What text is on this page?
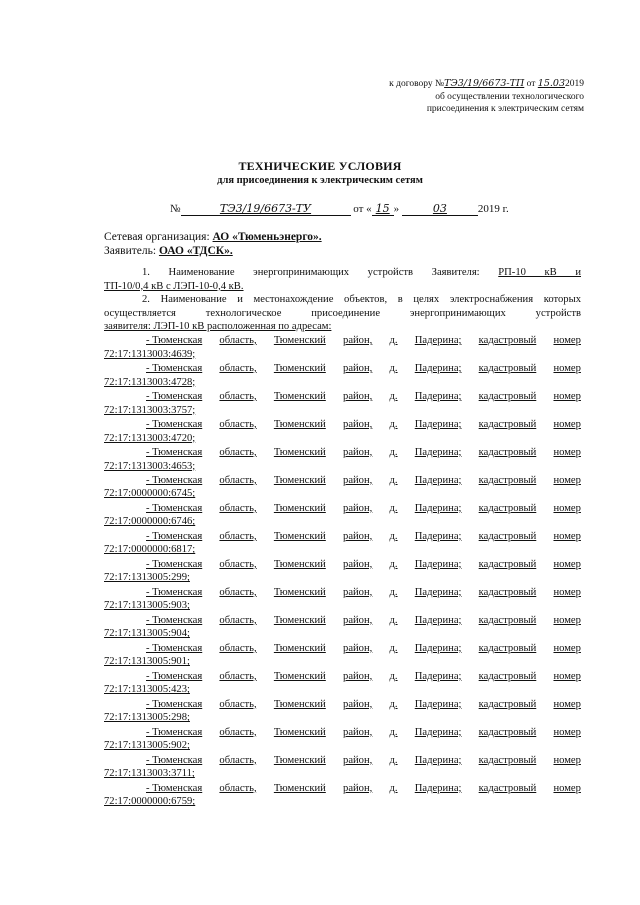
к договору №ТЭ3/19/6673-ТП от 15.032019
об осуществлении технологического
присоединения к электрическим сетям
ТЕХНИЧЕСКИЕ УСЛОВИЯ
для присоединения к электрическим сетям
№	ТЭ3/19/6673-ТУ	от « 15 »	03	2019 г.
Сетевая организация: АО «Тюменьэнерго».
Заявитель: ОАО «ТДСК».
1. Наименование энергопринимающих устройств Заявителя: РП-10 кВ и
ТП-10/0,4 кВ с ЛЭП-10-0,4 кВ.
2. Наименование и местонахождение объектов, в целях электроснабжения которых
осуществляется технологическое присоединение энергопринимающих устройств
заявителя: ЛЭП-10 кВ расположенная по адресам:
- Тюменская область, Тюменский район, д. Падерина; кадастровый номер
72:17:1313003:4639;
- Тюменская область, Тюменский район, д. Падерина; кадастровый номер
72:17:1313003:4728;
- Тюменская область, Тюменский район, д. Падерина; кадастровый номер
72:17:1313003:3757;
- Тюменская область, Тюменский район, д. Падерина; кадастровый номер
72:17:1313003:4720;
- Тюменская область, Тюменский район, д. Падерина; кадастровый номер
72:17:1313003:4653;
- Тюменская область, Тюменский район, д. Падерина; кадастровый номер
72:17:0000000:6745;
- Тюменская область, Тюменский район, д. Падерина; кадастровый номер
72:17:0000000:6746;
- Тюменская область, Тюменский район, д. Падерина; кадастровый номер
72:17:0000000:6817;
- Тюменская область, Тюменский район, д. Падерина; кадастровый номер
72:17:1313005:299;
- Тюменская область, Тюменский район, д. Падерина; кадастровый номер
72:17:1313005:903;
- Тюменская область, Тюменский район, д. Падерина; кадастровый номер
72:17:1313005:904;
- Тюменская область, Тюменский район, д. Падерина; кадастровый номер
72:17:1313005:901;
- Тюменская область, Тюменский район, д. Падерина; кадастровый номер
72:17:1313005:423;
- Тюменская область, Тюменский район, д. Падерина; кадастровый номер
72:17:1313005:298;
- Тюменская область, Тюменский район, д. Падерина; кадастровый номер
72:17:1313005:902;
- Тюменская область, Тюменский район, д. Падерина; кадастровый номер
72:17:1313003:3711;
- Тюменская область, Тюменский район, д. Падерина; кадастровый номер
72:17:0000000:6759;
